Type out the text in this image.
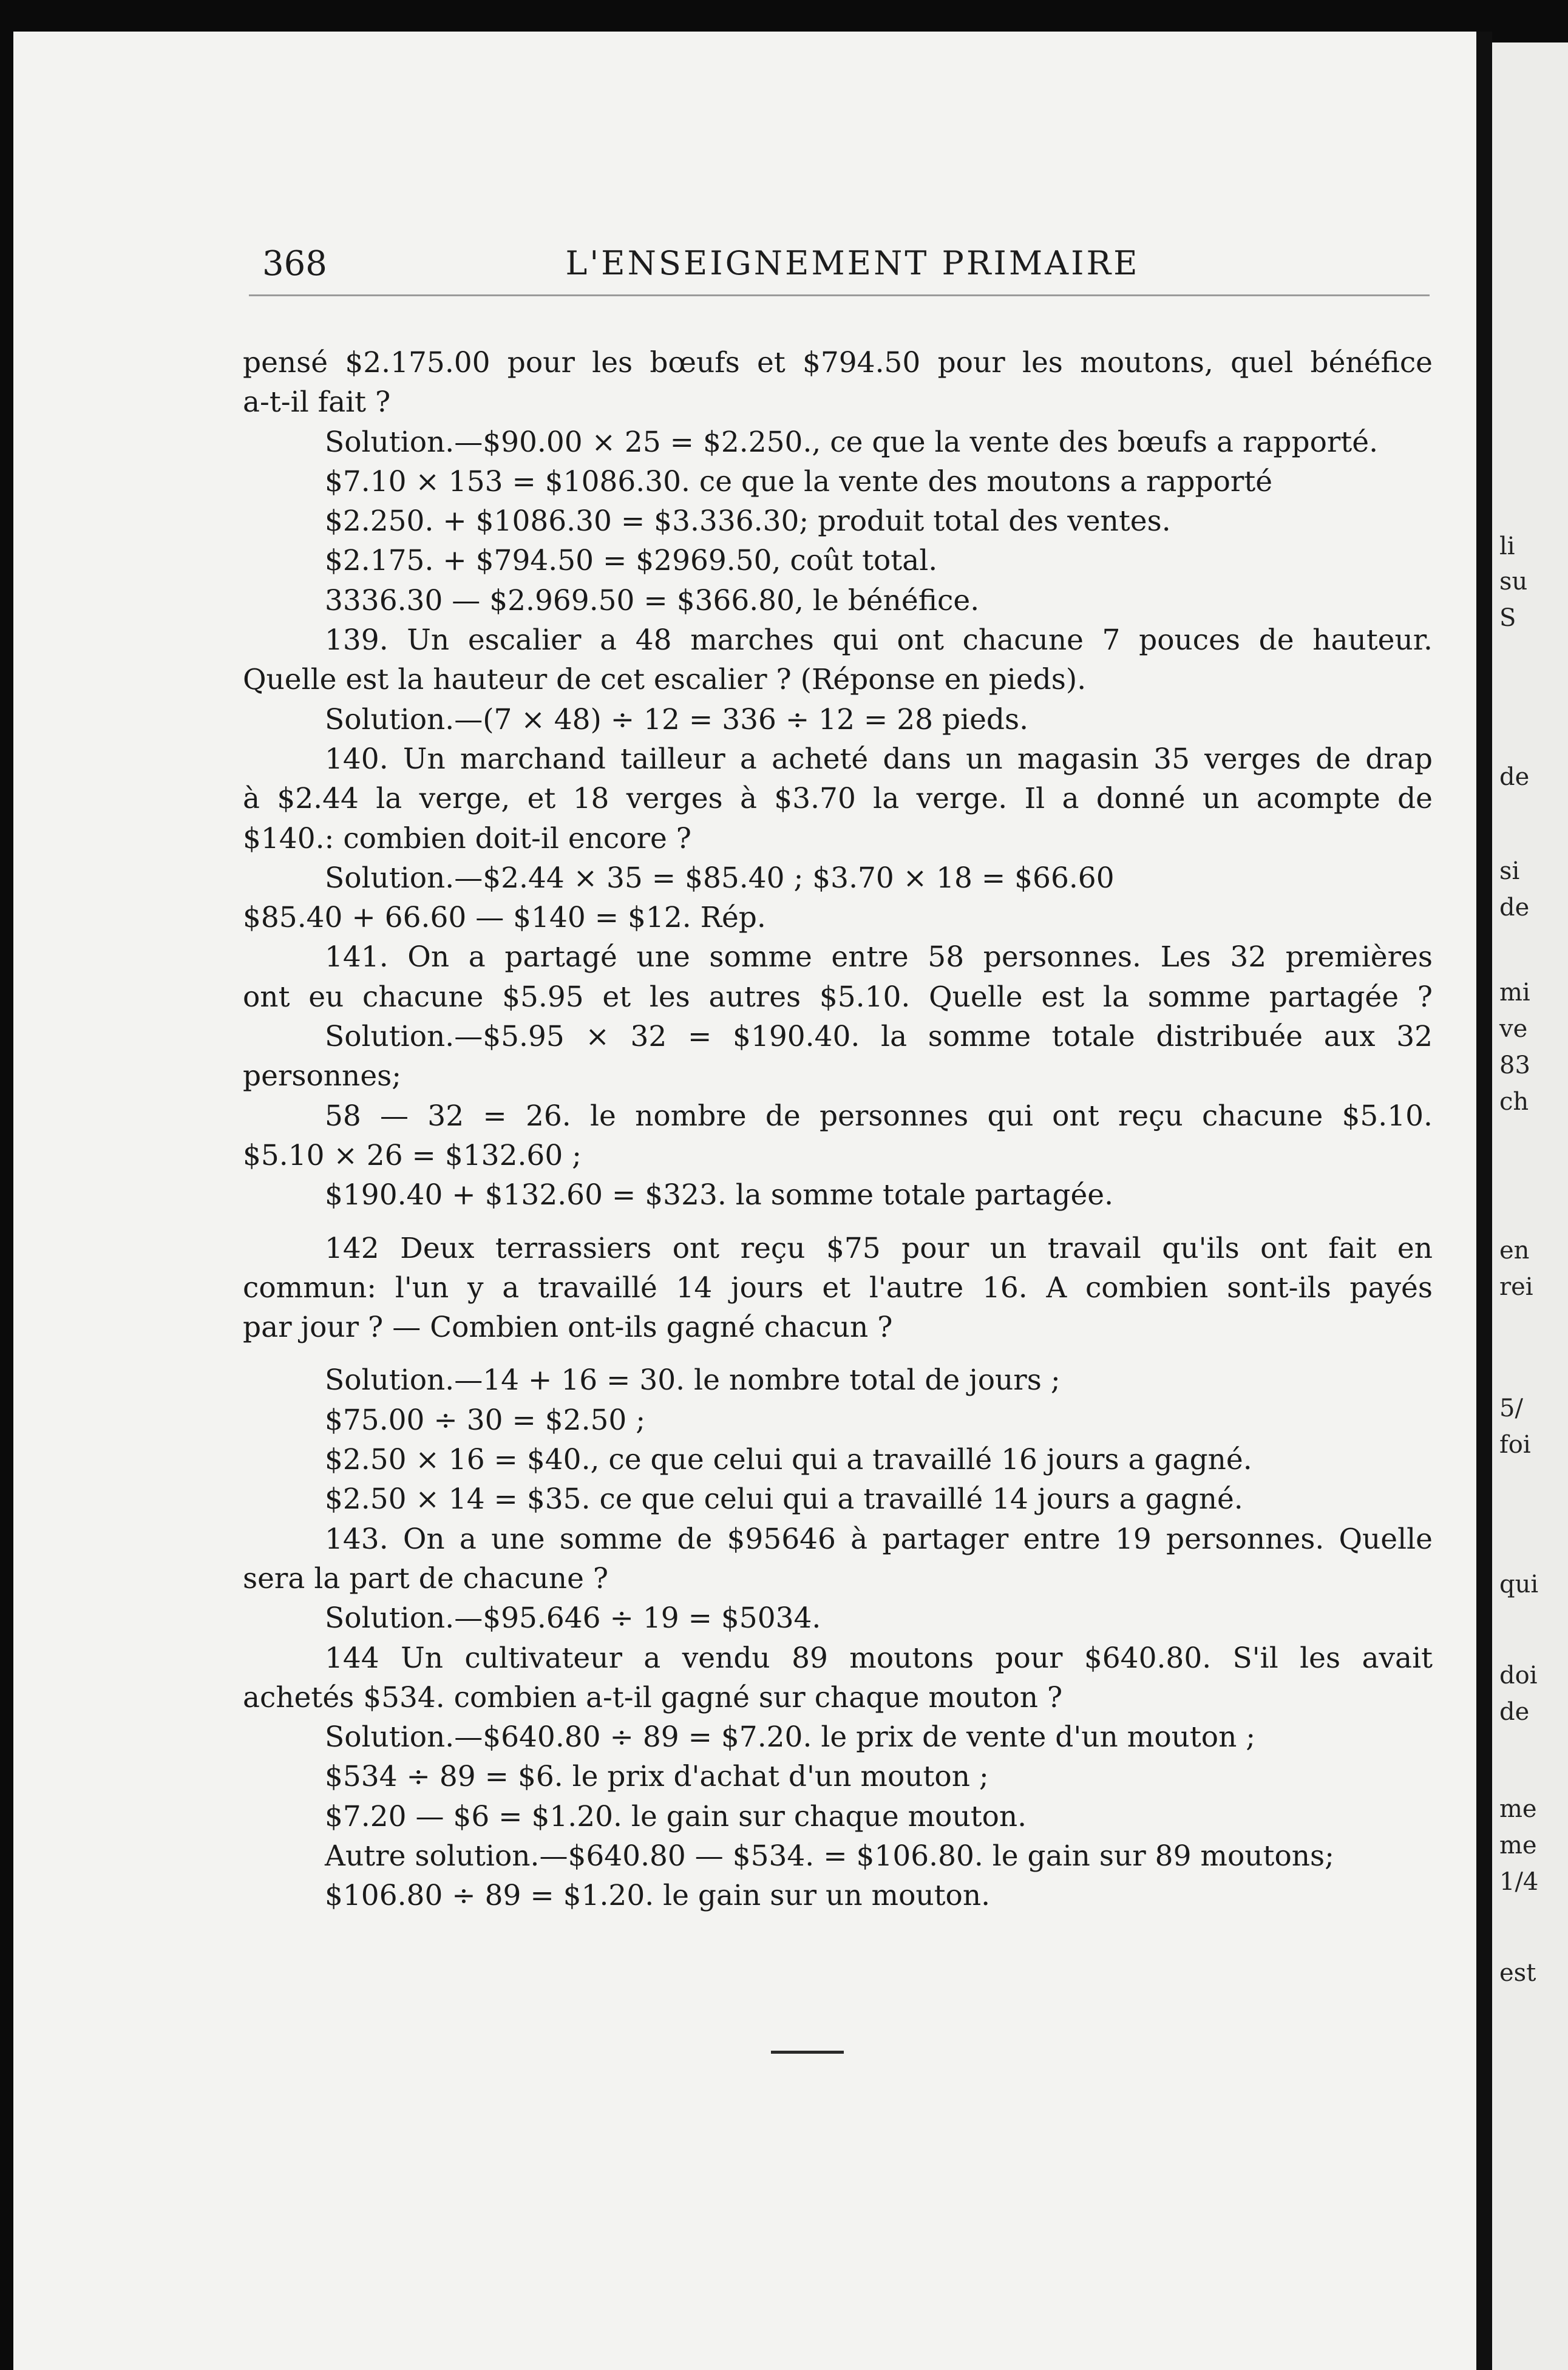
368	L'ENSEIGNEMENT PRIMAIRE
pensé $2.175.00 pour les bœufs et $794.50 pour les moutons, quel bénéfice
a-t-il fait ?
Solution.—$90.00 × 25 = $2.250., ce que la vente des bœufs a rapporté.
$7.10 × 153 = $1086.30. ce que la vente des moutons a rapporté
$2.250. + $1086.30 = $3.336.30; produit total des ventes.
$2.175. + $794.50 = $2969.50, coût total.
3336.30 — $2.969.50 = $366.80, le bénéfice.
139. Un escalier a 48 marches qui ont chacune 7 pouces de hauteur.
Quelle est la hauteur de cet escalier ? (Réponse en pieds).
Solution.—(7 × 48) ÷ 12 = 336 ÷ 12 = 28 pieds.
140. Un marchand tailleur a acheté dans un magasin 35 verges de drap
à $2.44 la verge, et 18 verges à $3.70 la verge. Il a donné un acompte de
$140.: combien doit-il encore ?
Solution.—$2.44 × 35 = $85.40 ; $3.70 × 18 = $66.60
$85.40 + 66.60 — $140 = $12. Rép.
141. On a partagé une somme entre 58 personnes. Les 32 premières
ont eu chacune $5.95 et les autres $5.10. Quelle est la somme partagée ?
Solution.—$5.95 × 32 = $190.40. la somme totale distribuée aux 32
personnes;
58 — 32 = 26. le nombre de personnes qui ont reçu chacune $5.10.
$5.10 × 26 = $132.60 ;
$190.40 + $132.60 = $323. la somme totale partagée.
142 Deux terrassiers ont reçu $75 pour un travail qu'ils ont fait en
commun: l'un y a travaillé 14 jours et l'autre 16. A combien sont-ils payés
par jour ? — Combien ont-ils gagné chacun ?
Solution.—14 + 16 = 30. le nombre total de jours ;
$75.00 ÷ 30 = $2.50 ;
$2.50 × 16 = $40., ce que celui qui a travaillé 16 jours a gagné.
$2.50 × 14 = $35. ce que celui qui a travaillé 14 jours a gagné.
143. On a une somme de $95646 à partager entre 19 personnes. Quelle
sera la part de chacune ?
Solution.—$95.646 ÷ 19 = $5034.
144 Un cultivateur a vendu 89 moutons pour $640.80. S'il les avait
achetés $534. combien a-t-il gagné sur chaque mouton ?
Solution.—$640.80 ÷ 89 = $7.20. le prix de vente d'un mouton ;
$534 ÷ 89 = $6. le prix d'achat d'un mouton ;
$7.20 — $6 = $1.20. le gain sur chaque mouton.
Autre solution.—$640.80 — $534. = $106.80. le gain sur 89 moutons;
$106.80 ÷ 89 = $1.20. le gain sur un mouton.
li
su
S
de
si
de
mi
ve
83
ch
en
rei
5/
foi
qui
doi
de
me
me
1/4
est
